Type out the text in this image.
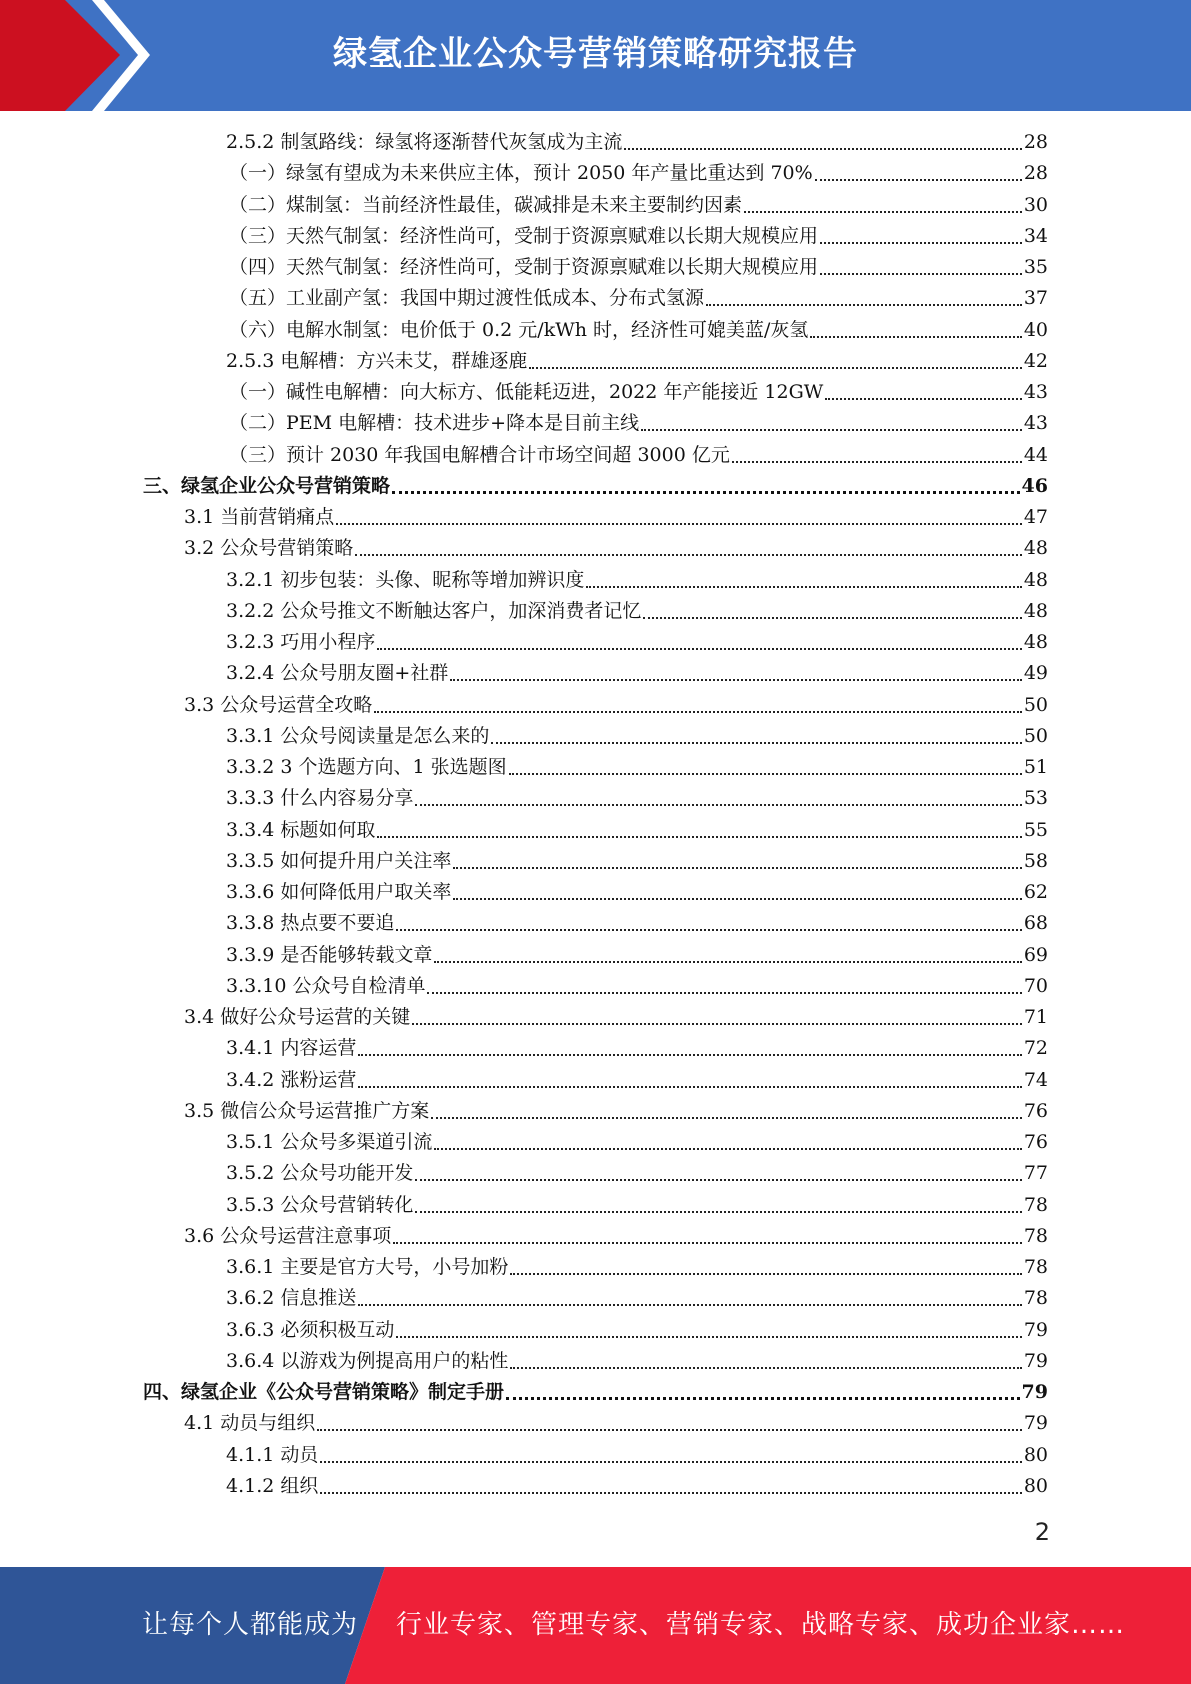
绿氢企业公众号营销策略研究报告
2.5.2 制氢路线：绿氢将逐渐替代灰氢成为主流	28
（一）绿氢有望成为未来供应主体，预计 2050 年产量比重达到 70%	28
（二）煤制氢：当前经济性最佳，碳减排是未来主要制约因素	30
（三）天然气制氢：经济性尚可，受制于资源禀赋难以长期大规模应用	34
（四）天然气制氢：经济性尚可，受制于资源禀赋难以长期大规模应用	35
（五）工业副产氢：我国中期过渡性低成本、分布式氢源	37
（六）电解水制氢：电价低于 0.2 元/kWh 时，经济性可媲美蓝/灰氢	40
2.5.3 电解槽：方兴未艾，群雄逐鹿	42
（一）碱性电解槽：向大标方、低能耗迈进，2022 年产能接近 12GW	43
（二）PEM 电解槽：技术进步+降本是目前主线	43
（三）预计 2030 年我国电解槽合计市场空间超 3000 亿元	44
三、绿氢企业公众号营销策略	46
3.1 当前营销痛点	47
3.2 公众号营销策略	48
3.2.1 初步包装：头像、昵称等增加辨识度	48
3.2.2 公众号推文不断触达客户，加深消费者记忆	48
3.2.3 巧用小程序	48
3.2.4 公众号朋友圈+社群	49
3.3 公众号运营全攻略	50
3.3.1 公众号阅读量是怎么来的	50
3.3.2 3 个选题方向、1 张选题图	51
3.3.3 什么内容易分享	53
3.3.4 标题如何取	55
3.3.5 如何提升用户关注率	58
3.3.6 如何降低用户取关率	62
3.3.8 热点要不要追	68
3.3.9 是否能够转载文章	69
3.3.10 公众号自检清单	70
3.4 做好公众号运营的关键	71
3.4.1 内容运营	72
3.4.2 涨粉运营	74
3.5 微信公众号运营推广方案	76
3.5.1 公众号多渠道引流	76
3.5.2 公众号功能开发	77
3.5.3 公众号营销转化	78
3.6 公众号运营注意事项	78
3.6.1 主要是官方大号，小号加粉	78
3.6.2 信息推送	78
3.6.3 必须积极互动	79
3.6.4 以游戏为例提高用户的粘性	79
四、绿氢企业《公众号营销策略》制定手册	79
4.1 动员与组织	79
4.1.1 动员	80
4.1.2 组织	80
2
让每个人都能成为 行业专家、管理专家、营销专家、战略专家、成功企业家……
